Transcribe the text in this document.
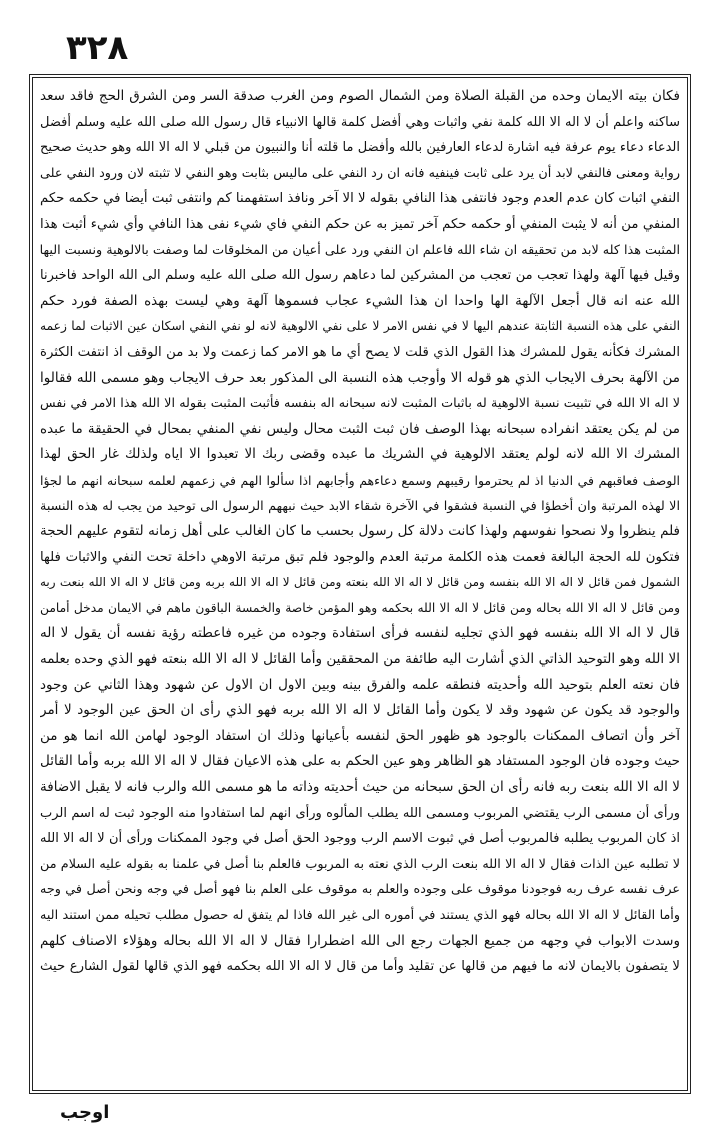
٣٢٨
فكان بيته الايمان وحده من القبلة الصلاة ومن الشمال الصوم ومن الغرب صدقة السر ومن الشرق الحج فاقد سعد
ساكنه واعلم أن لا اله الا الله كلمة نفي واثبات وهي أفضل كلمة قالها الانبياء قال رسول الله صلى الله عليه وسلم أفضل
الدعاء دعاء يوم عرفة فيه اشارة لدعاء العارفين بالله وأفضل ما قلته أنا والنبيون من قبلي لا اله الا الله وهو حديث صحيح
رواية ومعنى فالنفي لابد أن يرد على ثابت فينفيه فانه ان رد النفي على ماليس بثابت وهو النفي لا تثبته لان ورود النفي على
النفي اثبات كان عدم العدم وجود فانتفى هذا النافي بقوله لا الا آخر ونافذ استفهمنا كم وانتفى ثبت أيضا في حكمه حكم
المنفي من أنه لا يثبت المنفي أو حكمه حكم آخر تميز به عن حكم النفي فاي شيء نفى هذا النافي وأي شيء أثبت هذا
المثبت هذا كله لابد من تحقيقه ان شاء الله فاعلم ان النفي ورد على أعيان من المخلوقات لما وصفت بالالوهية ونسبت اليها
وقيل فيها آلهة ولهذا تعجب من تعجب من المشركين لما دعاهم رسول الله صلى الله عليه وسلم الى الله الواحد فاخبرنا
الله عنه انه قال أجعل الآلهة الها واحدا ان هذا الشيء عجاب فسموها آلهة وهي ليست بهذه الصفة فورد حكم
النفي على هذه النسبة الثابتة عندهم اليها لا في نفس الامر لا على نفي الالوهية لانه لو نفي النفي اسكان عين الاثبات لما زعمه
المشرك فكأنه يقول للمشرك هذا القول الذي قلت لا يصح أي ما هو الامر كما زعمت ولا بد من الوقف اذ انتفت الكثرة
من الآلهة بحرف الايجاب الذي هو قوله الا وأوجب هذه النسبة الى المذكور بعد حرف الايجاب وهو مسمى الله فقالوا
لا اله الا الله في تثبيت نسبة الالوهية له باثبات المثبت لانه سبحانه اله بنفسه فأثبت المثبت بقوله الا الله هذا الامر في نفس
من لم يكن يعتقد انفراده سبحانه بهذا الوصف فان ثبت الثبت محال وليس نفي المنفي بمحال في الحقيقة ما عبده
المشرك الا الله لانه لولم يعتقد الالوهية في الشريك ما عبده وقضى ربك الا تعبدوا الا اياه ولذلك غار الحق لهذا
الوصف فعاقبهم في الدنيا اذ لم يحترموا رقيبهم وسمع دعاءهم وأجابهم اذا سألوا الهم في زعمهم لعلمه سبحانه انهم ما لجؤا
الا لهذه المرتبة وان أخطؤا في النسبة فشقوا في الآخرة شقاء الابد حيث نبههم الرسول الى توحيد من يجب له هذه النسبة
فلم ينظروا ولا نصحوا نفوسهم ولهذا كانت دلالة كل رسول بحسب ما كان الغالب على أهل زمانه لتقوم عليهم الحجة
فتكون لله الحجة البالغة فعمت هذه الكلمة مرتبة العدم والوجود فلم تبق مرتبة الاوهي داخلة تحت النفي والاثبات فلها
الشمول فمن قائل لا اله الا الله بنفسه ومن قائل لا اله الا الله بنعته ومن قائل لا اله الا الله بربه ومن قائل لا اله الا الله بنعت ربه
ومن قائل لا اله الا الله بحاله ومن قائل لا اله الا الله بحكمه وهو المؤمن خاصة والخمسة الباقون ماهم في الايمان مدخل أمامن
قال لا اله الا الله بنفسه فهو الذي تجليه لنفسه فرأى استفادة وجوده من غيره فاعطته رؤية نفسه أن يقول لا اله
الا الله وهو التوحيد الذاتي الذي أشارت اليه طائفة من المحققين وأما القائل لا اله الا الله بنعته فهو الذي وحده بعلمه
فان نعته العلم بتوحيد الله وأحديته فنطقه علمه والفرق بينه وبين الاول ان الاول عن شهود وهذا الثاني عن وجود
والوجود قد يكون عن شهود وقد لا يكون وأما القائل لا اله الا الله بربه فهو الذي رأى ان الحق عين الوجود لا أمر
آخر وأن اتصاف الممكنات بالوجود هو ظهور الحق لنفسه بأعيانها وذلك ان استفاد الوجود لهامن الله انما هو من
حيث وجوده فان الوجود المستفاد هو الظاهر وهو عين الحكم به على هذه الاعيان فقال لا اله الا الله بربه وأما القائل
لا اله الا الله بنعت ربه فانه رأى ان الحق سبحانه من حيث أحديته وذاته ما هو مسمى الله والرب فانه لا يقبل الاضافة
ورأى أن مسمى الرب يقتضي المربوب ومسمى الله يطلب المألوه ورأى انهم لما استفادوا منه الوجود ثبت له اسم الرب
اذ كان المربوب يطلبه فالمربوب أصل في ثبوت الاسم الرب ووجود الحق أصل في وجود الممكنات ورأى أن لا اله الا الله
لا تطلبه عين الذات فقال لا اله الا الله بنعت الرب الذي نعته به المربوب فالعلم بنا أصل في علمنا به بقوله عليه السلام من
عرف نفسه عرف ربه فوجودنا موقوف على وجوده والعلم به موقوف على العلم بنا فهو أصل في وجه ونحن أصل في وجه
وأما القائل لا اله الا الله بحاله فهو الذي يستند في أموره الى غير الله فاذا لم يتفق له حصول مطلب تحيله ممن استند اليه
وسدت الابواب في وجهه من جميع الجهات رجع الى الله اضطرارا فقال لا اله الا الله بحاله وهؤلاء الاصناف كلهم
لا يتصفون بالايمان لانه ما فيهم من قالها عن تقليد وأما من قال لا اله الا الله بحكمه فهو الذي قالها لقول الشارع حيث
اوجب
